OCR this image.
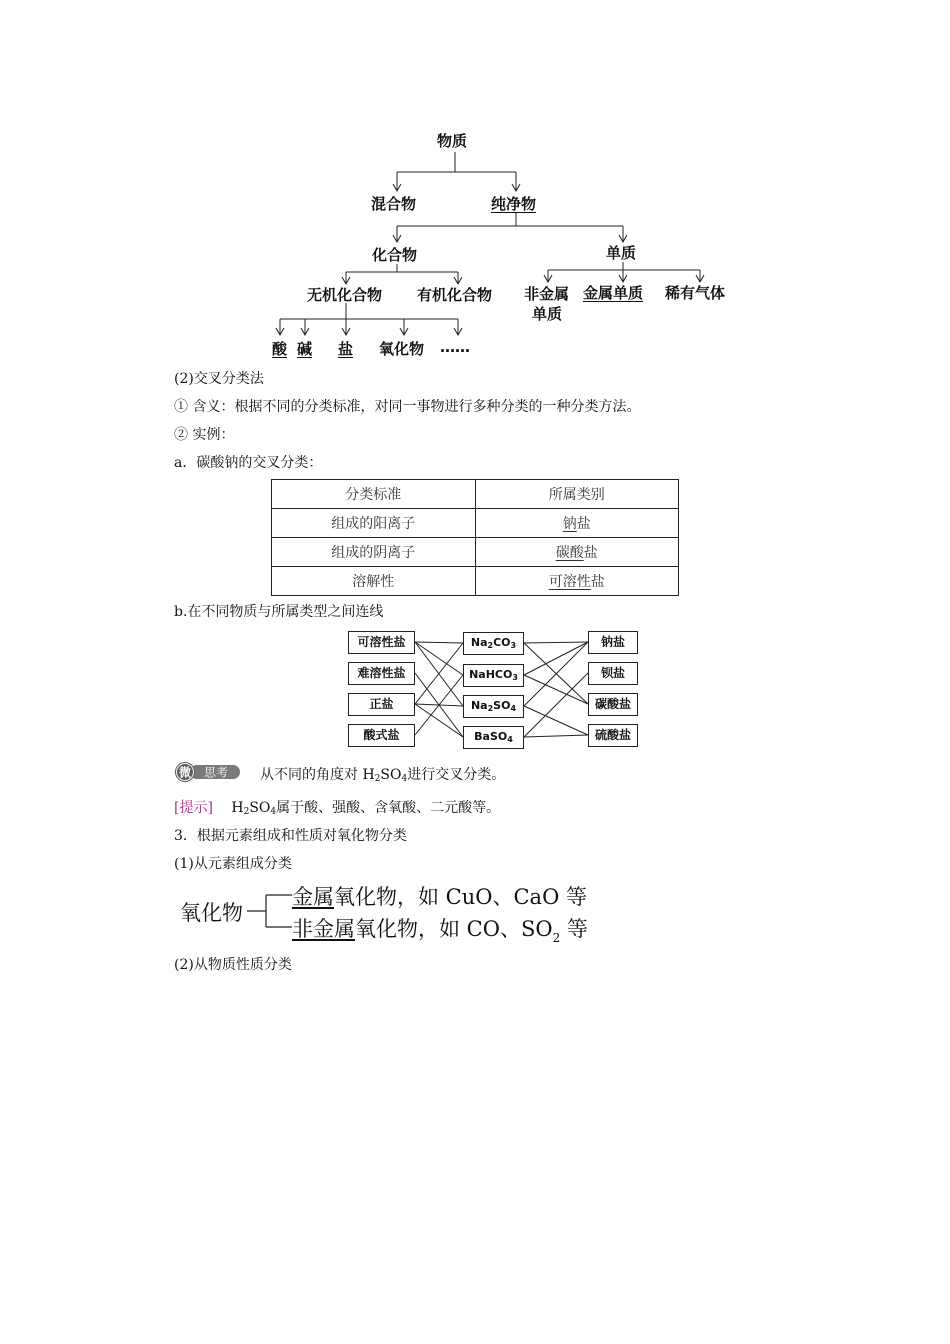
物质
混合物	纯净物
化合物	单质
无机化合物 有机化合物 非金属
单质
金属单质 稀有气体
酸 碱 盐 氧化物 ……
(2)交叉分类法
① 含义：根据不同的分类标准，对同一事物进行多种分类的一种分类方法。
② 实例：
a．碳酸钠的交叉分类：
分类标准	所属类别
组成的阳离子	钠盐
组成的阴离子	碳酸盐
溶解性	可溶性盐
b.在不同物质与所属类型之间连线
可溶性盐
难溶性盐
正盐
酸式盐
$Na_2CO_3$
NaHCO$_3$
$Na_2SO_4$
BaSO$_4$
钠盐
钡盐
碳酸盐
硫酸盐
微 思考 从不同的角度对 $H_2SO_4$进行交叉分类。
[提示] $H_2SO_4$属于酸、强酸、含氧酸、二元酸等。
3．根据元素组成和性质对氧化物分类
(1)从元素组成分类
氧化物
金属氧化物，如 CuO、CaO 等
非金属氧化物，如 CO、$SO_2$ 等
(2)从物质性质分类
